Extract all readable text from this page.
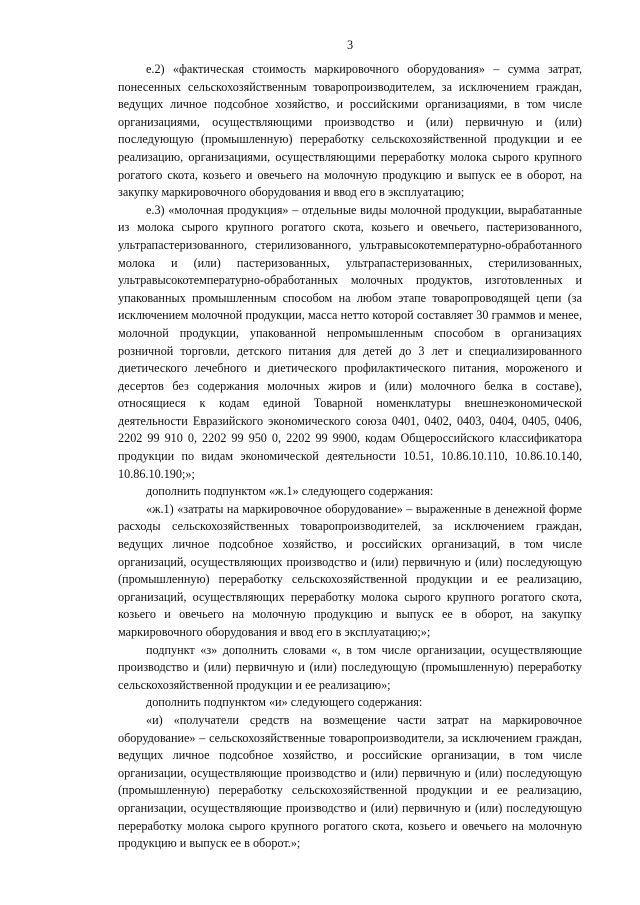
3

е.2) «фактическая стоимость маркировочного оборудования» – сумма затрат, понесенных сельскохозяйственным товаропроизводителем, за исключением граждан, ведущих личное подсобное хозяйство, и российскими организациями, в том числе организациями, осуществляющими производство и (или) первичную и (или) последующую (промышленную) переработку сельскохозяйственной продукции и ее реализацию, организациями, осуществляющими переработку молока сырого крупного рогатого скота, козьего и овечьего на молочную продукцию и выпуск ее в оборот, на закупку маркировочного оборудования и ввод его в эксплуатацию;

е.3) «молочная продукция» – отдельные виды молочной продукции, вырабатанные из молока сырого крупного рогатого скота, козьего и овечьего, пастеризованного, ультрапастеризованного, стерилизованного, ультравысокотемпературно-обработанного молока и (или) пастеризованных, ультрапастеризованных, стерилизованных, ультравысокотемпературно-обработанных молочных продуктов, изготовленных и упакованных промышленным способом на любом этапе товаропроводящей цепи (за исключением молочной продукции, масса нетто которой составляет 30 граммов и менее, молочной продукции, упакованной непромышленным способом в организациях розничной торговли, детского питания для детей до 3 лет и специализированного диетического лечебного и диетического профилактического питания, мороженого и десертов без содержания молочных жиров и (или) молочного белка в составе), относящиеся к кодам единой Товарной номенклатуры внешнеэкономической деятельности Евразийского экономического союза 0401, 0402, 0403, 0404, 0405, 0406, 2202 99 910 0, 2202 99 950 0, 2202 99 9900, кодам Общероссийского классификатора продукции по видам экономической деятельности 10.51, 10.86.10.110, 10.86.10.140, 10.86.10.190;»;

дополнить подпунктом «ж.1» следующего содержания:

«ж.1) «затраты на маркировочное оборудование» – выраженные в денежной форме расходы сельскохозяйственных товаропроизводителей, за исключением граждан, ведущих личное подсобное хозяйство, и российских организаций, в том числе организаций, осуществляющих производство и (или) первичную и (или) последующую (промышленную) переработку сельскохозяйственной продукции и ее реализацию, организаций, осуществляющих переработку молока сырого крупного рогатого скота, козьего и овечьего на молочную продукцию и выпуск ее в оборот, на закупку маркировочного оборудования и ввод его в эксплуатацию;»;

подпункт «з» дополнить словами «, в том числе организации, осуществляющие производство и (или) первичную и (или) последующую (промышленную) переработку сельскохозяйственной продукции и ее реализацию»;

дополнить подпунктом «и» следующего содержания:

«и) «получатели средств на возмещение части затрат на маркировочное оборудование» – сельскохозяйственные товаропроизводители, за исключением граждан, ведущих личное подсобное хозяйство, и российские организации, в том числе организации, осуществляющие производство и (или) первичную и (или) последующую (промышленную) переработку сельскохозяйственной продукции и ее реализацию, организации, осуществляющие производство и (или) первичную и (или) последующую переработку молока сырого крупного рогатого скота, козьего и овечьего на молочную продукцию и выпуск ее в оборот.»;
